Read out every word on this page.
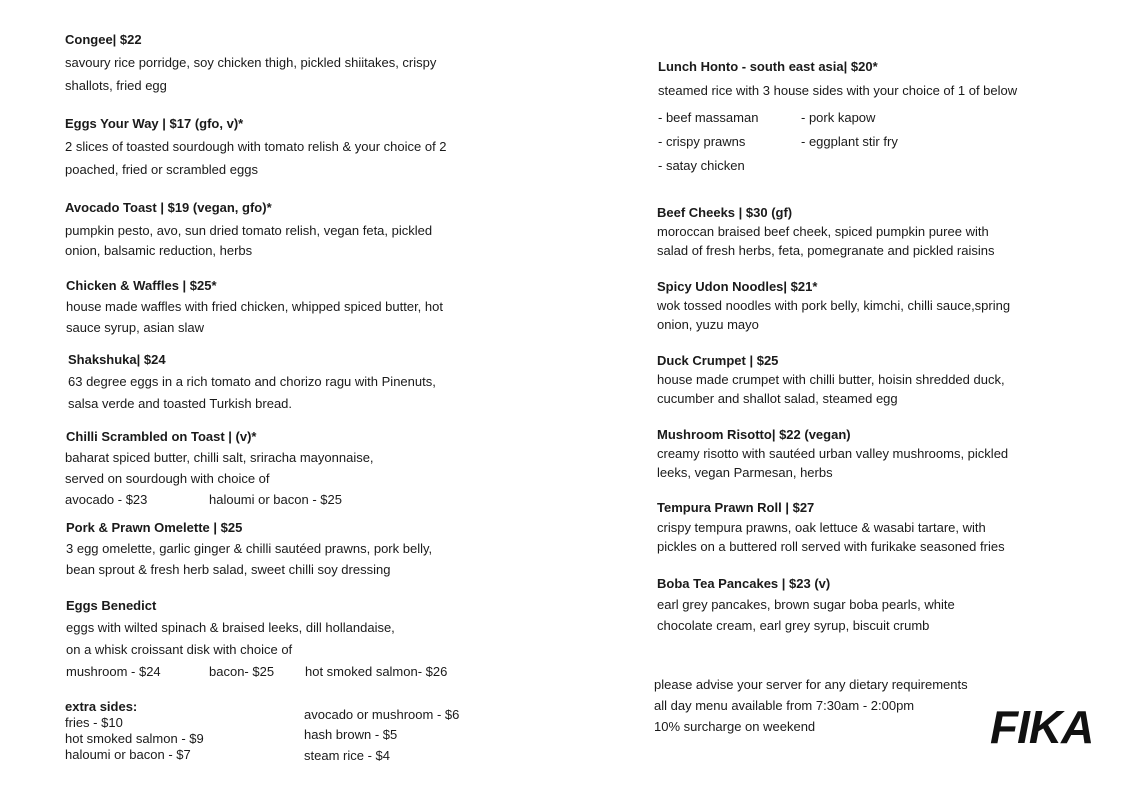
Congee| $22
savoury rice porridge, soy chicken thigh, pickled shiitakes, crispy
shallots, fried egg
Eggs Your Way | $17 (gfo, v)*
2 slices of toasted sourdough with tomato relish & your choice of 2
poached, fried or scrambled eggs
Avocado Toast | $19 (vegan, gfo)*
pumpkin pesto, avo, sun dried tomato relish, vegan feta, pickled
onion, balsamic reduction, herbs
Chicken & Waffles | $25*
house made waffles with fried chicken, whipped spiced butter, hot
sauce syrup, asian slaw
Shakshuka| $24
63 degree eggs in a rich tomato and chorizo ragu with Pinenuts,
salsa verde and toasted Turkish bread.
Chilli Scrambled on Toast | (v)*
baharat spiced butter, chilli salt, sriracha mayonnaise,
served on sourdough with choice of
avocado - $23	haloumi or bacon - $25
Pork & Prawn Omelette | $25
3 egg omelette, garlic ginger & chilli sautéed prawns, pork belly,
bean sprout & fresh herb salad, sweet chilli soy dressing
Eggs Benedict
eggs with wilted spinach & braised leeks, dill hollandaise,
on a whisk croissant disk with choice of
mushroom - $24	bacon- $25 hot smoked salmon- $26
extra sides:
fries - $10
hot smoked salmon - $9
haloumi or bacon - $7
avocado or mushroom - $6
hash brown - $5
steam rice - $4
Lunch Honto - south east asia| $20*
steamed rice with 3 house sides with your choice of 1 of below
- beef massaman	- pork kapow
- crispy prawns	- eggplant stir fry
- satay chicken
Beef Cheeks | $30 (gf)
moroccan braised beef cheek, spiced pumpkin puree with
salad of fresh herbs, feta, pomegranate and pickled raisins
Spicy Udon Noodles| $21*
wok tossed noodles with pork belly, kimchi, chilli sauce,spring
onion, yuzu mayo
Duck Crumpet | $25
house made crumpet with chilli butter, hoisin shredded duck,
cucumber and shallot salad, steamed egg
Mushroom Risotto| $22 (vegan)
creamy risotto with sautéed urban valley mushrooms, pickled
leeks, vegan Parmesan, herbs
Tempura Prawn Roll | $27
crispy tempura prawns, oak lettuce & wasabi tartare, with
pickles on a buttered roll served with furikake seasoned fries
Boba Tea Pancakes | $23 (v)
earl grey pancakes, brown sugar boba pearls, white
chocolate cream, earl grey syrup, biscuit crumb
please advise your server for any dietary requirements
all day menu available from 7:30am - 2:00pm
10% surcharge on weekend	FIKA
